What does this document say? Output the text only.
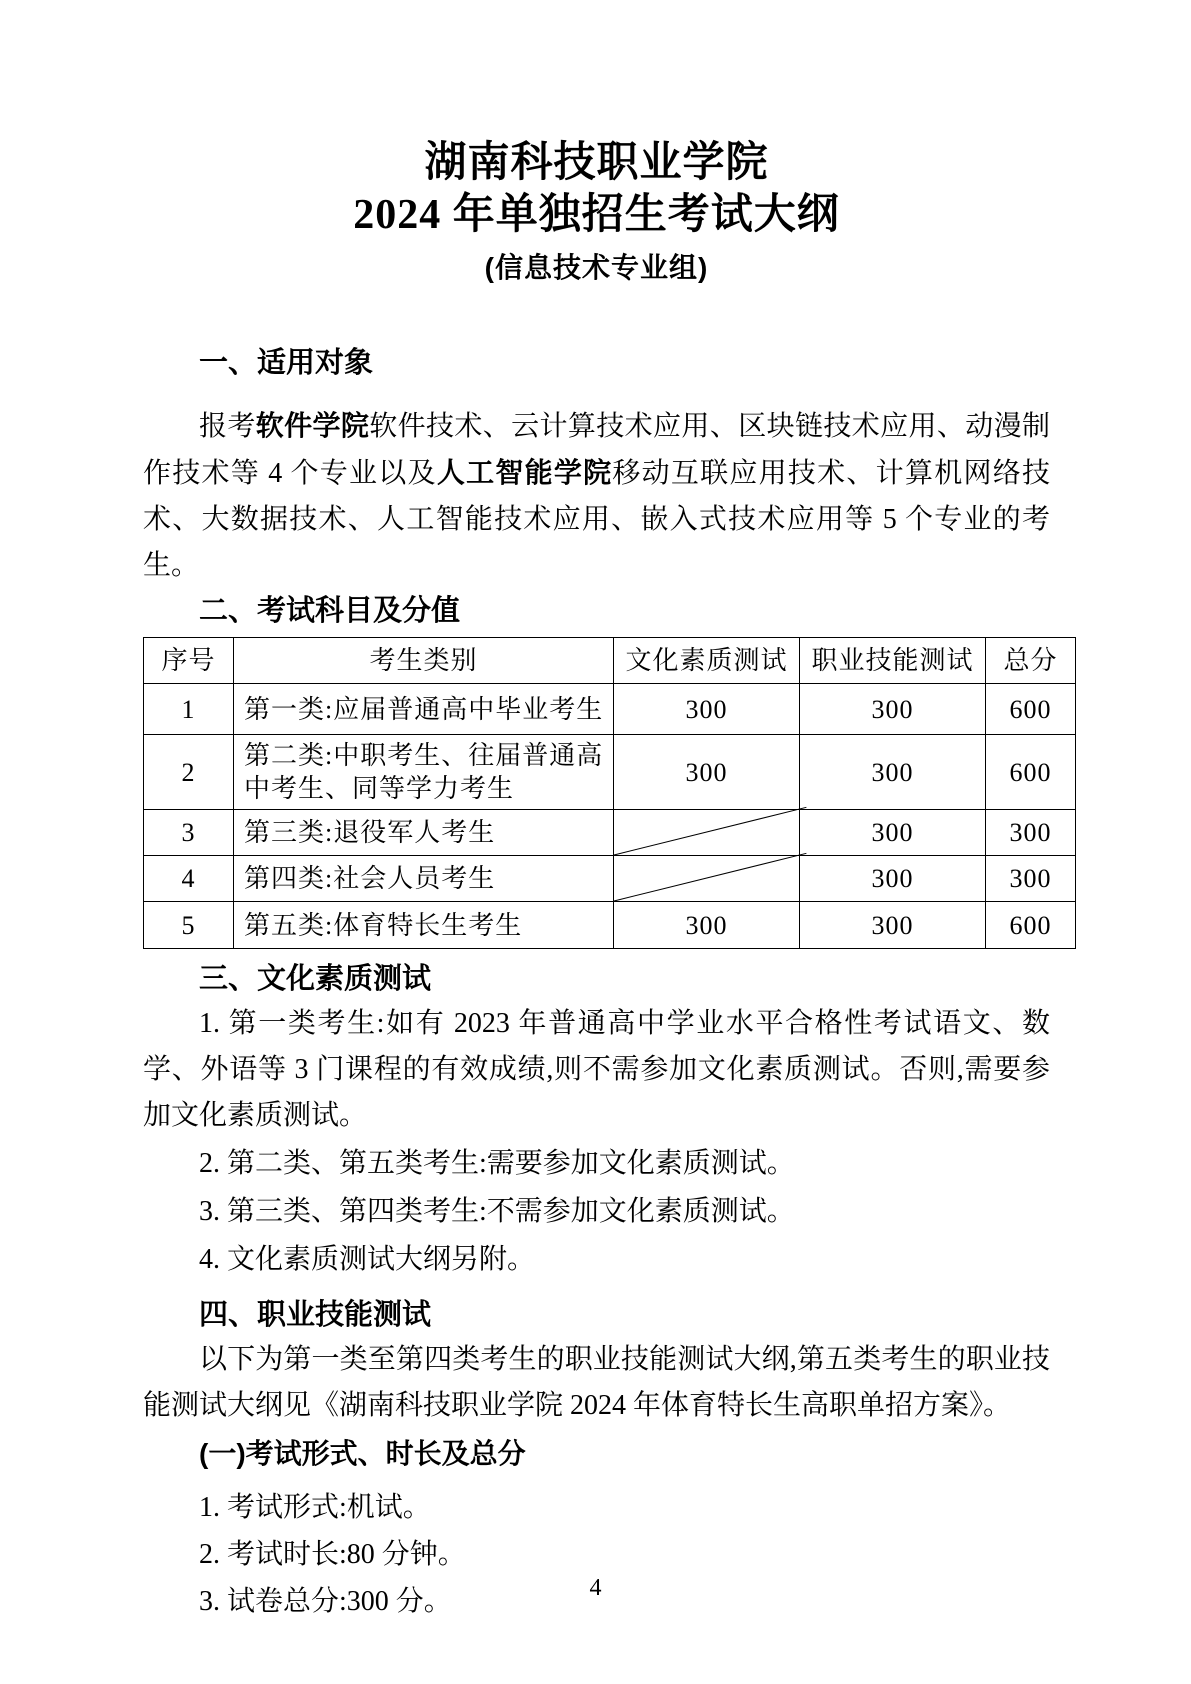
湖南科技职业学院
2024 年单独招生考试大纲
(信息技术专业组)
一、适用对象

报考软件学院软件技术、云计算技术应用、区块链技术应用、动漫制作技术等 4 个专业以及人工智能学院移动互联应用技术、计算机网络技术、大数据技术、人工智能技术应用、嵌入式技术应用等 5 个专业的考生。

二、考试科目及分值
序号	考生类别	文化素质测试	职业技能测试	总分
1	第一类:应届普通高中毕业考生	300	300	600
2	第二类:中职考生、往届普通高中考生、同等学力考生	300	300	600
3	第三类:退役军人考生		300	300
4	第四类:社会人员考生		300	300
5	第五类:体育特长生考生	300	300	600
三、文化素质测试

1. 第一类考生:如有 2023 年普通高中学业水平合格性考试语文、数学、外语等 3 门课程的有效成绩,则不需参加文化素质测试。否则,需要参加文化素质测试。

2. 第二类、第五类考生:需要参加文化素质测试。

3. 第三类、第四类考生:不需参加文化素质测试。

4. 文化素质测试大纲另附。

四、职业技能测试

以下为第一类至第四类考生的职业技能测试大纲,第五类考生的职业技能测试大纲见《湖南科技职业学院 2024 年体育特长生高职单招方案》。

(一)考试形式、时长及总分

1. 考试形式:机试。

2. 考试时长:80 分钟。

3. 试卷总分:300 分。	4
